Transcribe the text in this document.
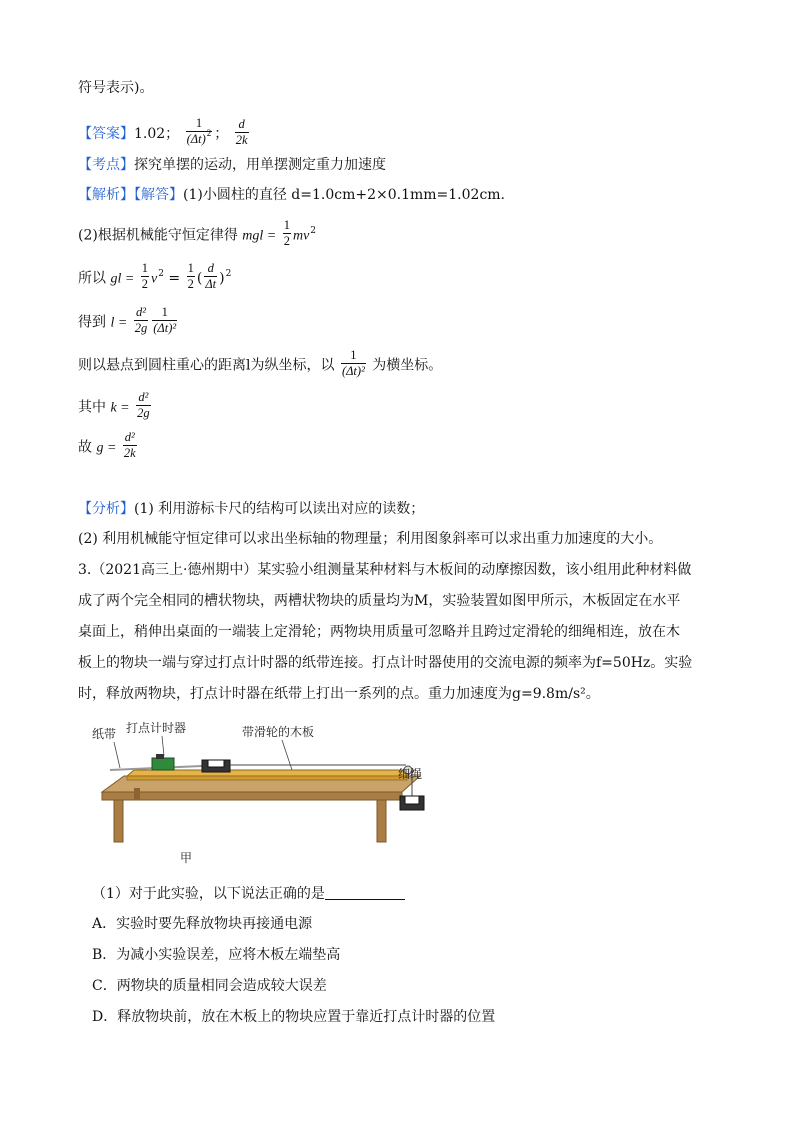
符号表示)。
【答案】1.02； $\frac{1}{(\Delta t)^2}$ ； $\frac{d}{2k}$
【考点】探究单摆的运动，用单摆测定重力加速度
【解析】【解答】(1)小圆柱的直径 d=1.0cm+2×0.1mm=1.02cm.
(2)根据机械能守恒定律得 mgl = $\frac{1}{2} mv^2$
所以 gl = $\frac{1}{2} v^2 = \frac{1}{2}$ ( $\frac{d}{\Delta t} )^2$
得到 $l = \frac{\text{d²}}{2g} \frac{1}{\text{(Δt)²}}$
则以悬点到圆柱重心的距离l为纵坐标，以 $\frac{1}{\text{(Δt)²}}$ 为横坐标。
其中 $k = \frac{\text{d²}}{2g}$
故 $g = \frac{\text{d²}}{2k}$
【分析】(1) 利用游标卡尺的结构可以读出对应的读数；
(2) 利用机械能守恒定律可以求出坐标轴的物理量；利用图象斜率可以求出重力加速度的大小。
3.（2021高三上·德州期中）某实验小组测量某种材料与木板间的动摩擦因数，该小组用此种材料做
成了两个完全相同的槽状物块，两槽状物块的质量均为M，实验装置如图甲所示，木板固定在水平
桌面上，稍伸出桌面的一端装上定滑轮；两物块用质量可忽略并且跨过定滑轮的细绳相连，放在木
板上的物块一端与穿过打点计时器的纸带连接。打点计时器使用的交流电源的频率为f=50Hz。实验
时，释放两物块，打点计时器在纸带上打出一系列的点。重力加速度为g=9.8m/s²。
纸带 打点计时器	带滑轮的木板
细绳
甲
（1）对于此实验，以下说法正确的是
A．实验时要先释放物块再接通电源
B．为减小实验误差，应将木板左端垫高
C．两物块的质量相同会造成较大误差
D．释放物块前，放在木板上的物块应置于靠近打点计时器的位置
